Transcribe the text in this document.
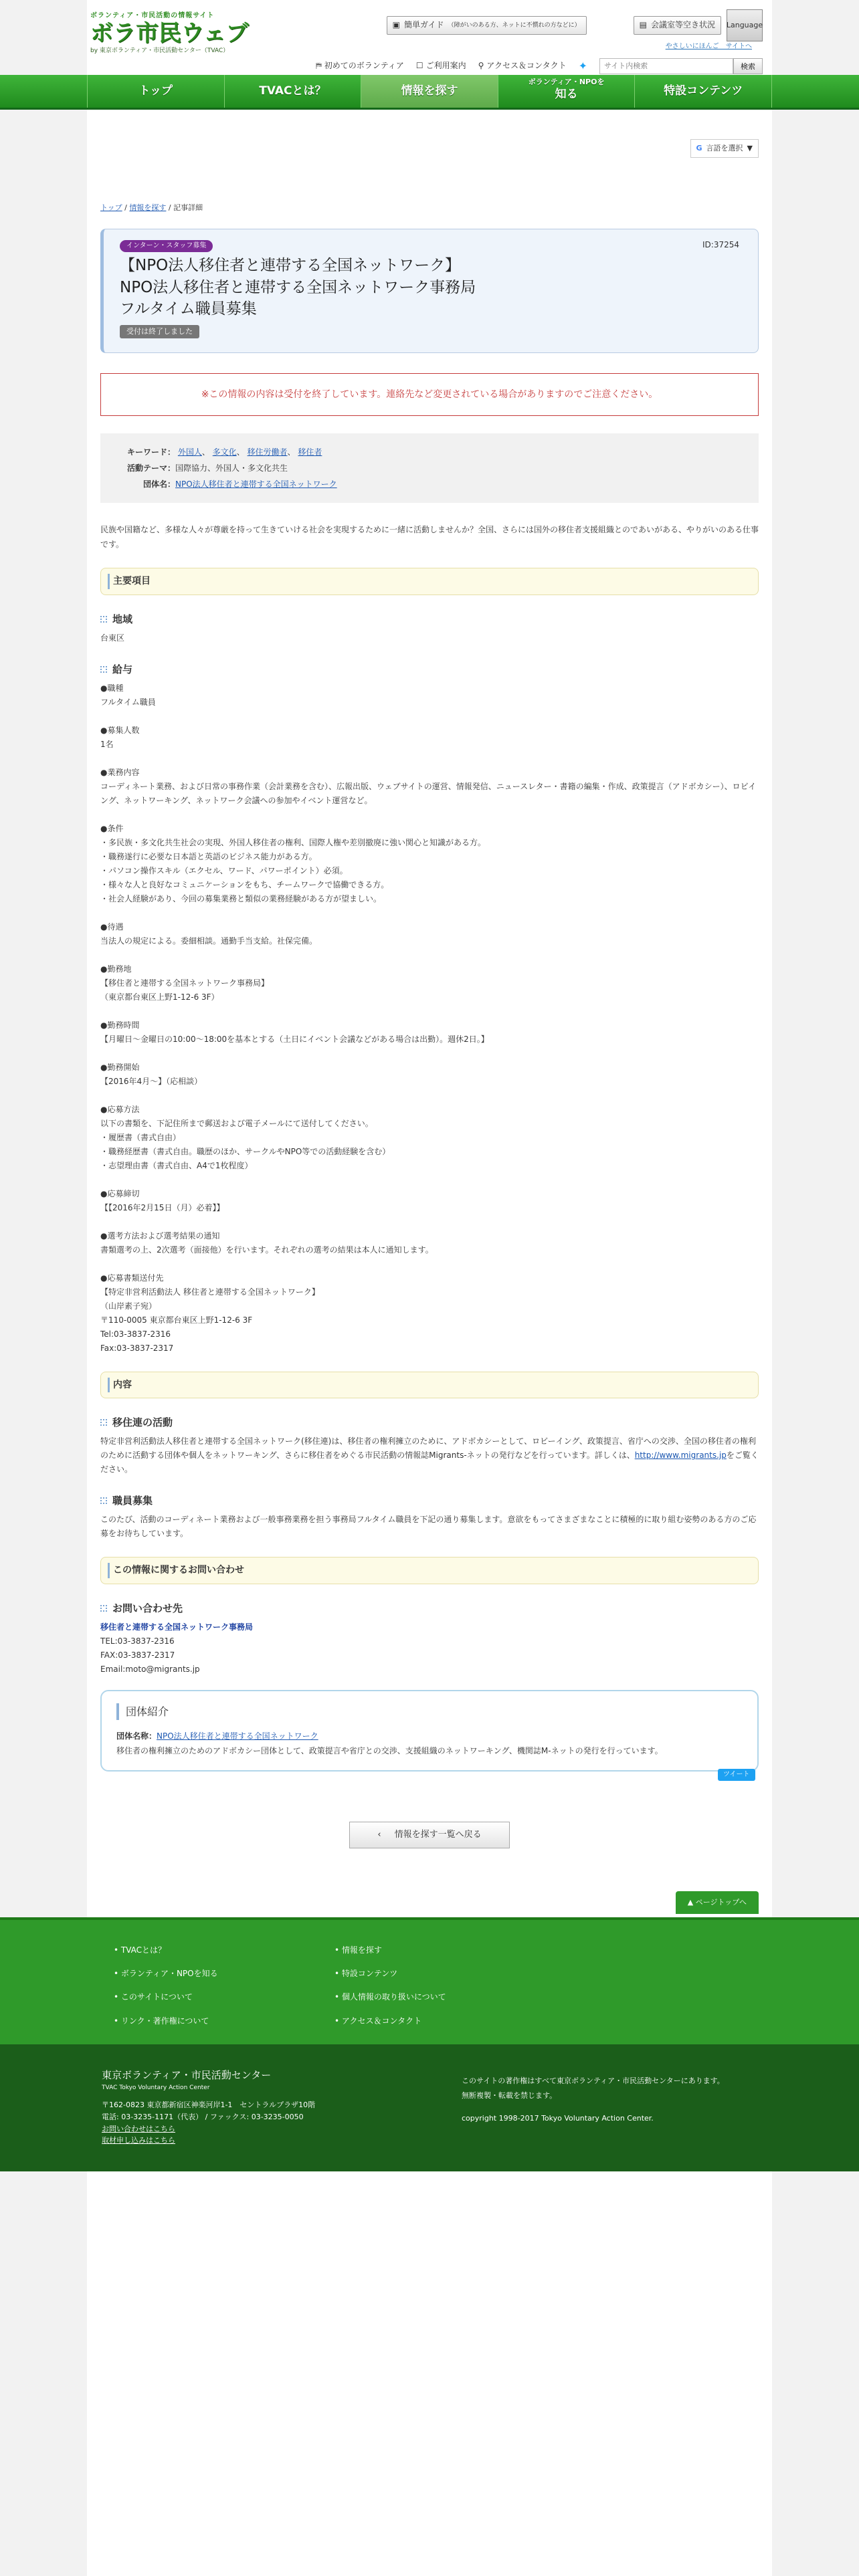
ボランティア・市民活動の情報サイト
ボラ市民ウェブ
by 東京ボランティア・市民活動センター（TVAC）
▣ 簡単ガイド （障がいのある方、ネットに不慣れの方などに）	▤ 会議室等空き状況 Language
やさしいにほんご　サイトへ
⛿ 初めてのボランティア ☐ ご利用案内 ⚲ アクセス＆コンタクト ✦
サイト内検索	検索
トップ / 情報を探す / 記事詳細
G 言語を選択 ▼
インターン・スタッフ募集	ID:37254
【NPO法人移住者と連帯する全国ネットワーク】
NPO法人移住者と連帯する全国ネットワーク事務局
フルタイム職員募集
受付は終了しました
※この情報の内容は受付を終了しています。連絡先など変更されている場合がありますのでご注意ください。
キーワード： 外国人、 多文化、 移住労働者、 移住者
活動テーマ：国際協力、外国人・多文化共生
団体名：NPO法人移住者と連帯する全国ネットワーク
民族や国籍など、多様な人々が尊厳を持って生きていける社会を実現するために一緒に活動しませんか？全国、さらには国外の移住者支援組織とのであいがある、やりがいのある仕事です。
主要項目
地域
台東区
給与
●職種
フルタイム職員

●募集人数
1名

●業務内容
コーディネート業務、および日常の事務作業（会計業務を含む）、広報出版、ウェブサイトの運営、情報発信、ニュースレター・書籍の編集・作成、政策提言（アドボカシー）、ロビイング、ネットワーキング、ネットワーク会議への参加やイベント運営など。

●条件
・多民族・多文化共生社会の実現、外国人移住者の権利、国際人権や差別撤廃に強い関心と知識がある方。
・職務遂行に必要な日本語と英語のビジネス能力がある方。
・パソコン操作スキル（エクセル、ワード、パワーポイント）必須。
・様々な人と良好なコミュニケーションをもち、チームワークで協働できる方。
・社会人経験があり、今回の募集業務と類似の業務経験がある方が望ましい。

●待遇
当法人の規定による。委細相談。通勤手当支給。社保完備。

●勤務地
【移住者と連帯する全国ネットワーク事務局】
（東京都台東区上野1-12-6 3F）

●勤務時間
【月曜日〜金曜日の10:00〜18:00を基本とする（土日にイベント会議などがある場合は出勤）。週休2日。】

●勤務開始
【2016年4月〜】（応相談）

●応募方法
以下の書類を、下記住所まで郵送および電子メールにて送付してください。
・履歴書（書式自由）
・職務経歴書（書式自由。職歴のほか、サークルやNPO等での活動経験を含む）
・志望理由書（書式自由、A4で1枚程度）

●応募締切
【【2016年2月15日（月）必着】】

●選考方法および選考結果の通知
書類選考の上、2次選考（面接他）を行います。それぞれの選考の結果は本人に通知します。

●応募書類送付先
【特定非営利活動法人 移住者と連帯する全国ネットワーク】
（山岸素子宛）
〒110-0005 東京都台東区上野1-12-6 3F
Tel:03-3837-2316
Fax:03-3837-2317
内容
移住連の活動
特定非営利活動法人移住者と連帯する全国ネットワーク(移住連)は、移住者の権利擁立のために、アドボカシーとして、ロビーイング、政策提言、省庁への交渉、全国の移住者の権利のために活動する団体や個人をネットワーキング、さらに移住者をめぐる市民活動の情報誌Migrants-ネットの発行などを行っています。詳しくは、http://www.migrants.jpをご覧ください。
職員募集
このたび、活動のコーディネート業務および一般事務業務を担う事務局フルタイム職員を下記の通り募集します。意欲をもってさまざまなことに積極的に取り組む姿勢のある方のご応募をお待ちしています。
この情報に関するお問い合わせ
お問い合わせ先
移住者と連帯する全国ネットワーク事務局
TEL:03-3837-2316
FAX:03-3837-2317
Email:moto@migrants.jp
団体紹介
団体名称：NPO法人移住者と連帯する全国ネットワーク
移住者の権利擁立のためのアドボカシー団体として、政策提言や省庁との交渉、支援組織のネットワーキング、機関誌M-ネットの発行を行っています。
ツイート
‹ 情報を探す一覧へ戻る
▲ ページトップへ
トップ	TVACとは？	情報を探す
ボランティア・NPOを
知る	特設コンテンツ
• TVACとは？	• 情報を探す
• ボランティア・NPOを知る	• 特設コンテンツ
• このサイトについて	• 個人情報の取り扱いについて
• リンク・著作権について	• アクセス＆コンタクト
東京ボランティア・市民活動センター
TVAC Tokyo Voluntary Action Center
〒162-0823 東京都新宿区神楽河岸1-1　セントラルプラザ10階
電話: 03-3235-1171（代表） / ファックス: 03-3235-0050
お問い合わせはこちら
取材申し込みはこちら
このサイトの著作権はすべて東京ボランティア・市民活動センターにあります。
無断複製・転載を禁じます。
copyright 1998-2017 Tokyo Voluntary Action Center.
